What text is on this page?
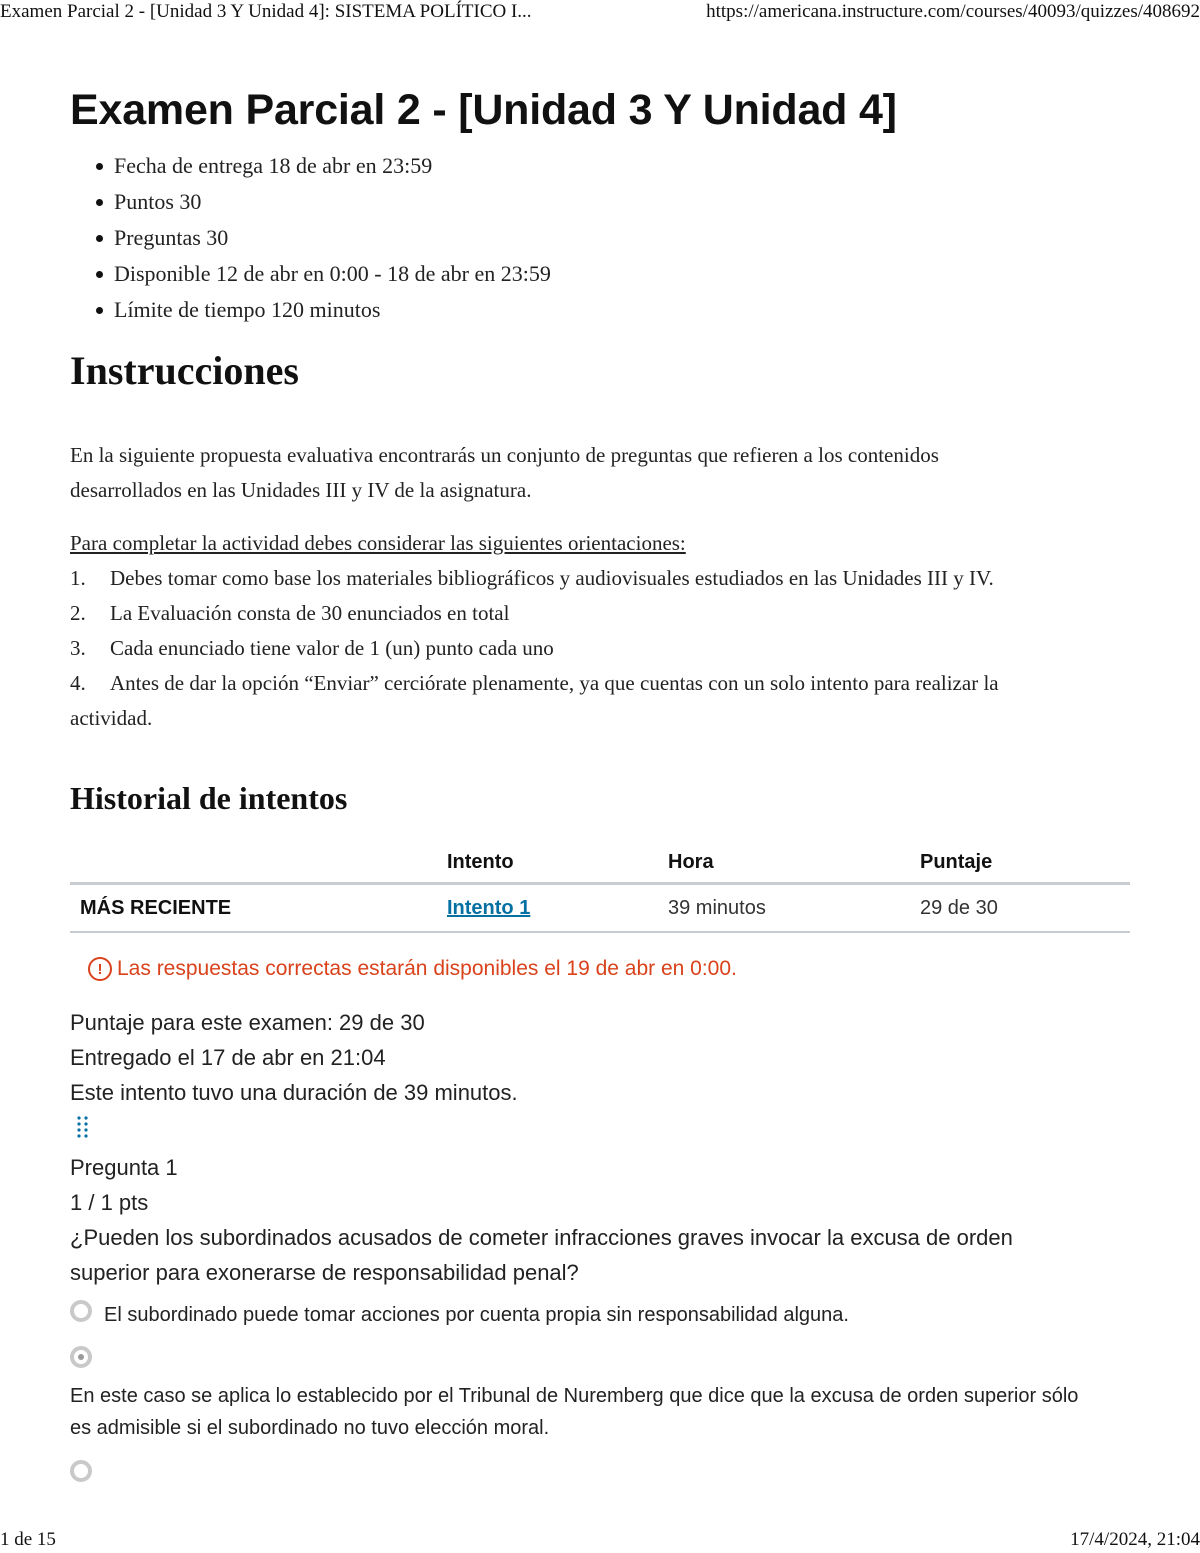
Examen Parcial 2 - [Unidad 3 Y Unidad 4]: SISTEMA POLÍTICO I...	https://americana.instructure.com/courses/40093/quizzes/408692
Examen Parcial 2 - [Unidad 3 Y Unidad 4]
Fecha de entrega 18 de abr en 23:59
Puntos 30
Preguntas 30
Disponible 12 de abr en 0:00 - 18 de abr en 23:59
Límite de tiempo 120 minutos
Instrucciones
En la siguiente propuesta evaluativa encontrarás un conjunto de preguntas que refieren a los contenidos
desarrollados en las Unidades III y IV de la asignatura.
Para completar la actividad debes considerar las siguientes orientaciones:
1. Debes tomar como base los materiales bibliográficos y audiovisuales estudiados en las Unidades III y IV.
2. La Evaluación consta de 30 enunciados en total
3. Cada enunciado tiene valor de 1 (un) punto cada uno
4. Antes de dar la opción “Enviar” cerciórate plenamente, ya que cuentas con un solo intento para realizar la
actividad.
Historial de intentos
	Intento	Hora	Puntaje
MÁS RECIENTE	Intento 1	39 minutos	29 de 30
! Las respuestas correctas estarán disponibles el 19 de abr en 0:00.
Puntaje para este examen: 29 de 30
Entregado el 17 de abr en 21:04
Este intento tuvo una duración de 39 minutos.
Pregunta 1
1 / 1 pts
¿Pueden los subordinados acusados de cometer infracciones graves invocar la excusa de orden
superior para exonerarse de responsabilidad penal?
El subordinado puede tomar acciones por cuenta propia sin responsabilidad alguna.
En este caso se aplica lo establecido por el Tribunal de Nuremberg que dice que la excusa de orden superior sólo
es admisible si el subordinado no tuvo elección moral.
1 de 15	17/4/2024, 21:04
